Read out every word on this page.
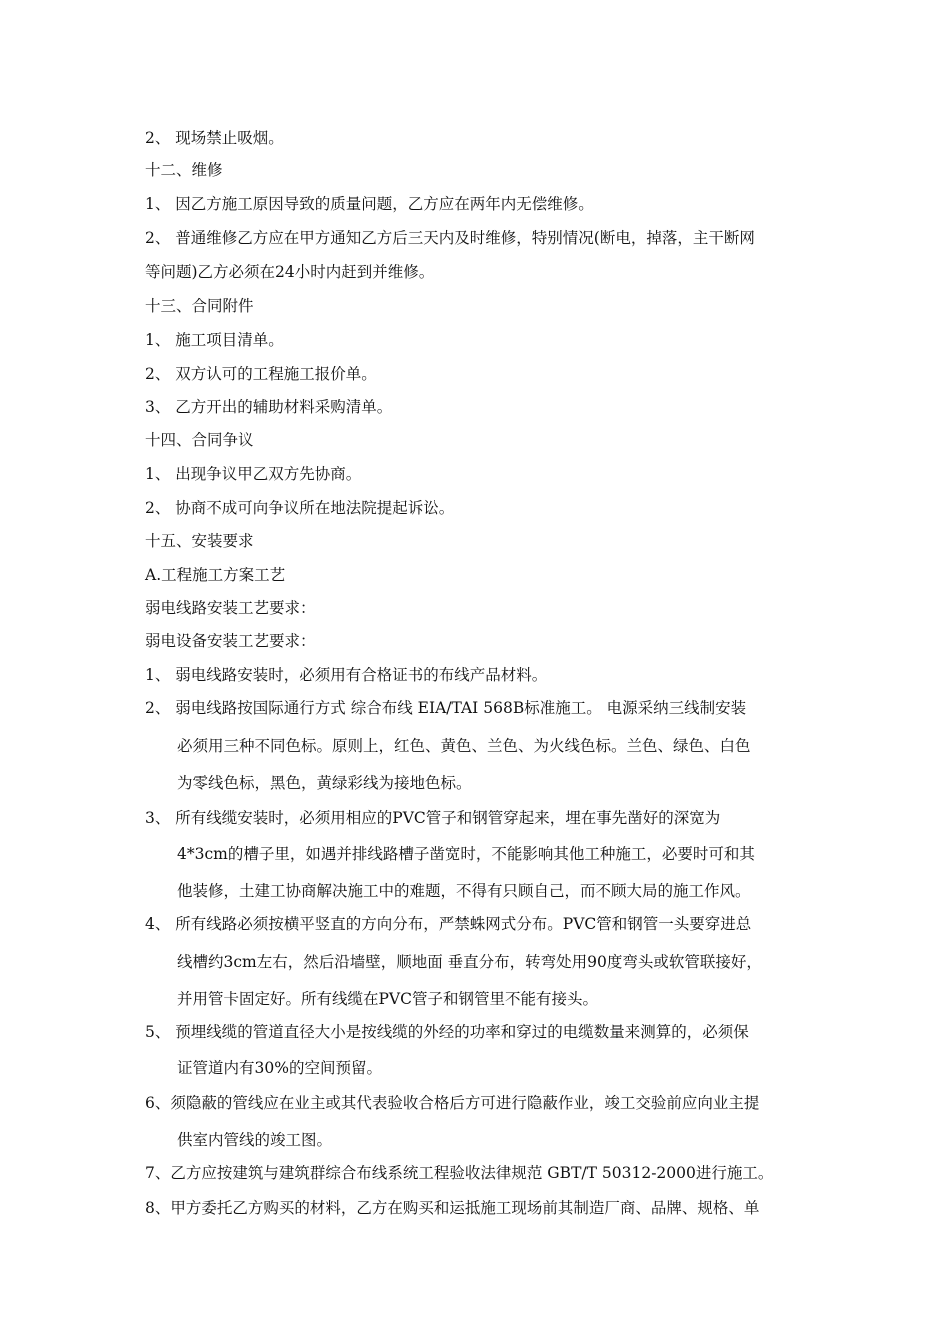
2、 现场禁止吸烟。
十二、维修
1、 因乙方施工原因导致的质量问题，乙方应在两年内无偿维修。
2、 普通维修乙方应在甲方通知乙方后三天内及时维修，特别情况(断电，掉落，主干断网
等问题)乙方必须在24小时内赶到并维修。
十三、合同附件
1、 施工项目清单。
2、 双方认可的工程施工报价单。
3、 乙方开出的辅助材料采购清单。
十四、合同争议
1、 出现争议甲乙双方先协商。
2、 协商不成可向争议所在地法院提起诉讼。
十五、安装要求
A.工程施工方案工艺
弱电线路安装工艺要求：
弱电设备安装工艺要求：
1、 弱电线路安装时，必须用有合格证书的布线产品材料。
2、 弱电线路按国际通行方式 综合布线 EIA/TAI 568B标准施工。 电源采纳三线制安装
必须用三种不同色标。原则上，红色、黄色、兰色、为火线色标。兰色、绿色、白色
为零线色标，黑色，黄绿彩线为接地色标。
3、 所有线缆安装时，必须用相应的PVC管子和钢管穿起来，埋在事先凿好的深宽为
4*3cm的槽子里，如遇并排线路槽子凿宽时，不能影响其他工种施工，必要时可和其
他装修，土建工协商解决施工中的难题，不得有只顾自己，而不顾大局的施工作风。
4、 所有线路必须按横平竖直的方向分布，严禁蛛网式分布。PVC管和钢管一头要穿进总
线槽约3cm左右，然后沿墙壁，顺地面 垂直分布，转弯处用90度弯头或软管联接好，
并用管卡固定好。所有线缆在PVC管子和钢管里不能有接头。
5、 预埋线缆的管道直径大小是按线缆的外经的功率和穿过的电缆数量来测算的，必须保
证管道内有30%的空间预留。
6、须隐蔽的管线应在业主或其代表验收合格后方可进行隐蔽作业，竣工交验前应向业主提
供室内管线的竣工图。
7、乙方应按建筑与建筑群综合布线系统工程验收法律规范 GBT/T 50312-2000进行施工。
8、甲方委托乙方购买的材料，乙方在购买和运抵施工现场前其制造厂商、品牌、规格、单
